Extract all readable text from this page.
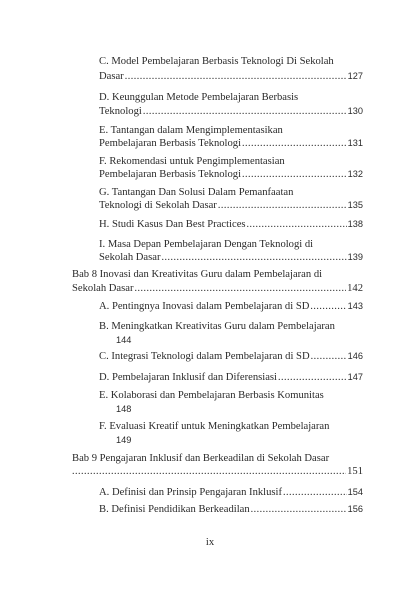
C. Model Pembelajaran Berbasis Teknologi Di Sekolah
Dasar .....	127
D. Keunggulan Metode Pembelajaran Berbasis
Teknologi .....	130
E. Tantangan dalam Mengimplementasikan
Pembelajaran Berbasis Teknologi .....	131
F. Rekomendasi untuk Pengimplementasian
Pembelajaran Berbasis Teknologi .....	132
G. Tantangan Dan Solusi Dalam Pemanfaatan
Teknologi di Sekolah Dasar .....	135
H. Studi Kasus Dan Best Practices .....	138
I. Masa Depan Pembelajaran Dengan Teknologi di
Sekolah Dasar .....	139
Bab 8 Inovasi dan Kreativitas Guru dalam Pembelajaran di
Sekolah Dasar .....	142
A. Pentingnya Inovasi dalam Pembelajaran di SD .....	143
B. Meningkatkan Kreativitas Guru dalam Pembelajaran
144
C. Integrasi Teknologi dalam Pembelajaran di SD .....	146
D. Pembelajaran Inklusif dan Diferensiasi .....	147
E. Kolaborasi dan Pembelajaran Berbasis Komunitas
148
F. Evaluasi Kreatif untuk Meningkatkan Pembelajaran
149
Bab 9 Pengajaran Inklusif dan Berkeadilan di Sekolah Dasar
.....
151
A. Definisi dan Prinsip Pengajaran Inklusif .....	154
B. Definisi Pendidikan Berkeadilan .....	156
ix
